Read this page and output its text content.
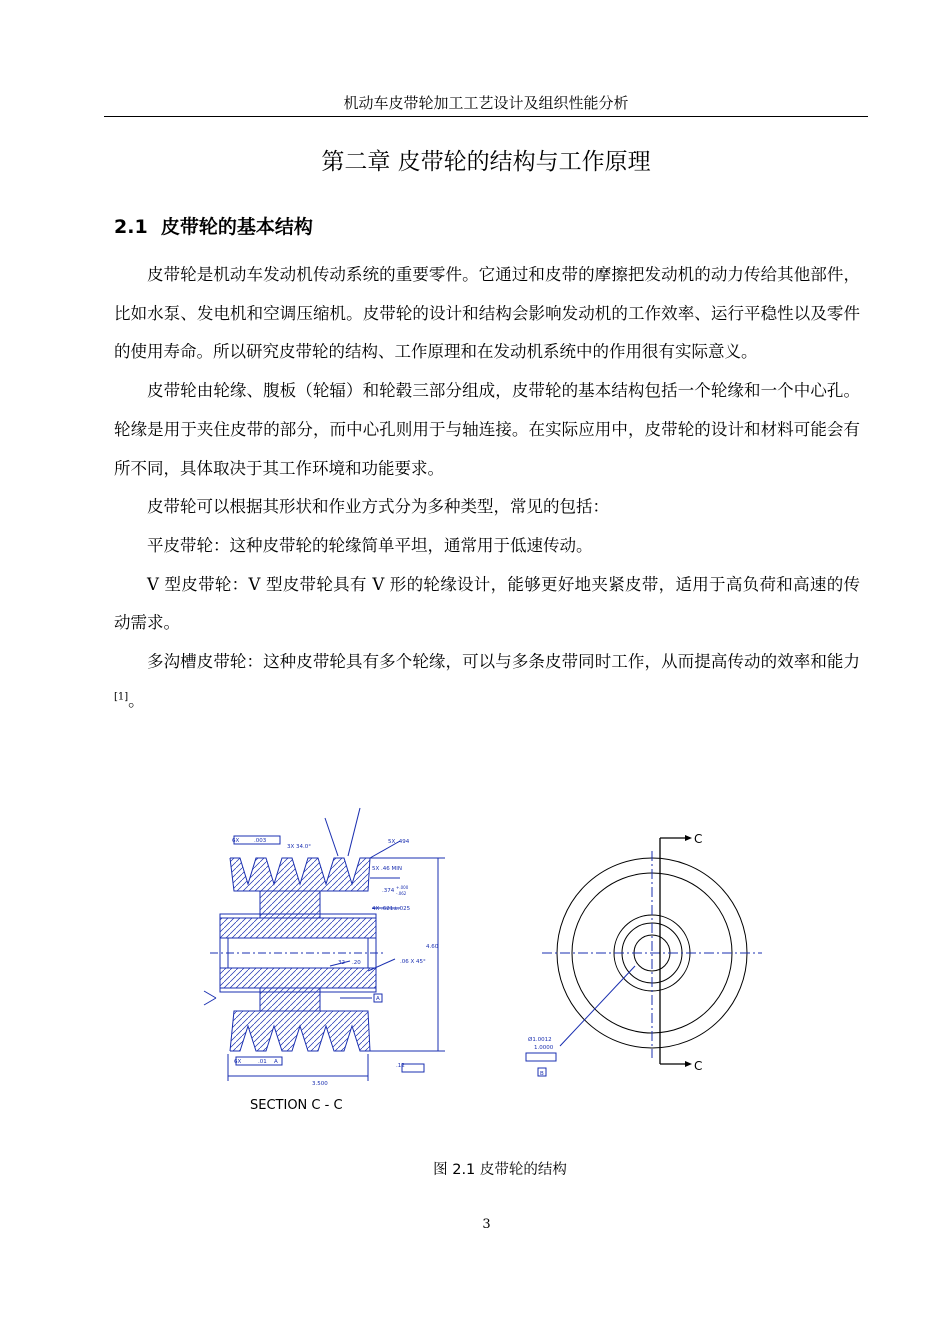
机动车皮带轮加工工艺设计及组织性能分析
第二章 皮带轮的结构与工作原理
2.1 皮带轮的基本结构

皮带轮是机动车发动机传动系统的重要零件。它通过和皮带的摩擦把发动机的动力传给其他部件，比如水泵、发电机和空调压缩机。皮带轮的设计和结构会影响发动机的工作效率、运行平稳性以及零件的使用寿命。所以研究皮带轮的结构、工作原理和在发动机系统中的作用很有实际意义。

皮带轮由轮缘、腹板（轮辐）和轮毂三部分组成，皮带轮的基本结构包括一个轮缘和一个中心孔。轮缘是用于夹住皮带的部分，而中心孔则用于与轴连接。在实际应用中，皮带轮的设计和材料可能会有所不同，具体取决于其工作环境和功能要求。

皮带轮可以根据其形状和作业方式分为多种类型，常见的包括：

平皮带轮：这种皮带轮的轮缘简单平坦，通常用于低速传动。

V 型皮带轮：V 型皮带轮具有 V 形的轮缘设计，能够更好地夹紧皮带，适用于高负荷和高速的传动需求。

多沟槽皮带轮：这种皮带轮具有多个轮缘，可以与多条皮带同时工作，从而提高传动的效率和能力[1]。

6X	.003
3X 34.0°
5X .494
5X .46 MIN
.374
+.000
-.062
4X .621±.025
4.60
.06 X 45°
32 .20
A
6X	.01 A
.12
3.500
SECTION C - C
C
C
Ø1.0012
1.0000
B
图 2.1 皮带轮的结构
3
